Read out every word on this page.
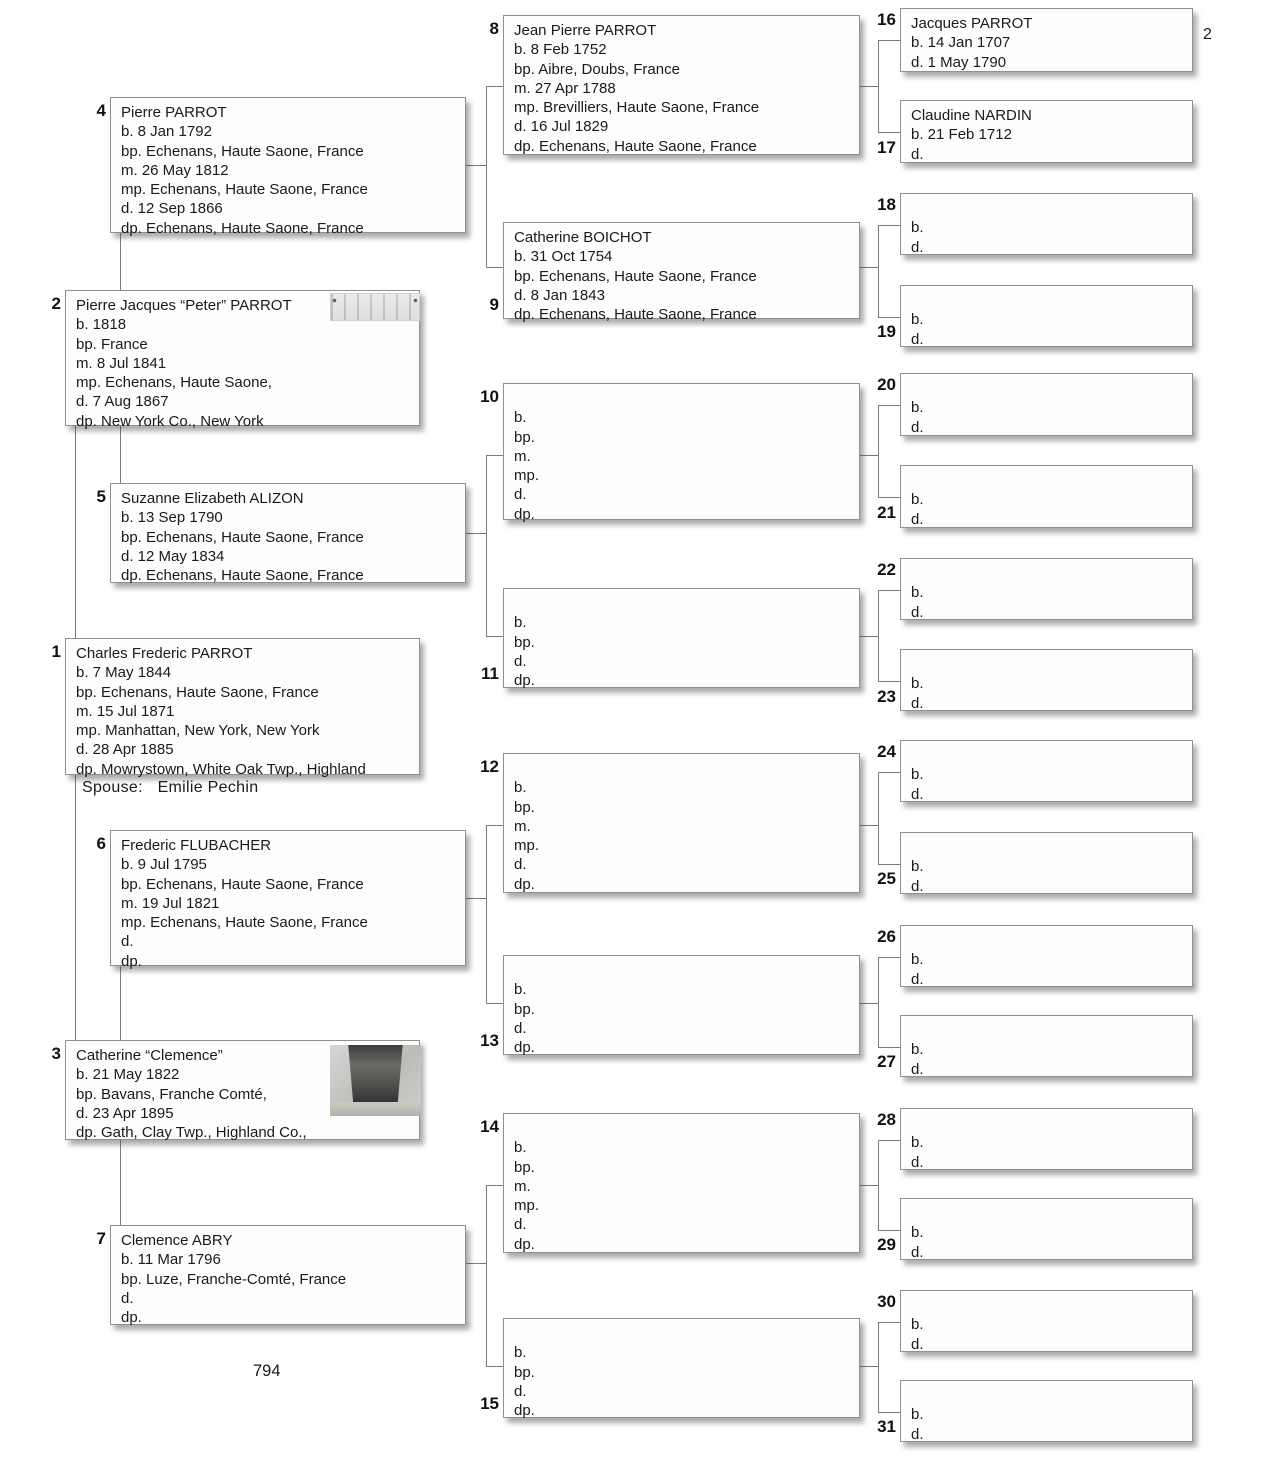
Pierre PARROT
b. 8 Jan 1792
bp. Echenans, Haute Saone, France
m. 26 May 1812
mp. Echenans, Haute Saone, France
d. 12 Sep 1866
dp. Echenans, Haute Saone, France
Pierre Jacques “Peter” PARROT
b. 1818
bp. France
m. 8 Jul 1841
mp. Echenans, Haute Saone,
d. 7 Aug 1867
dp. New York Co., New York
Suzanne Elizabeth ALIZON
b. 13 Sep 1790
bp. Echenans, Haute Saone, France
d. 12 May 1834
dp. Echenans, Haute Saone, France
Charles Frederic PARROT
b. 7 May 1844
bp. Echenans, Haute Saone, France
m. 15 Jul 1871
mp. Manhattan, New York, New York
d. 28 Apr 1885
dp. Mowrystown, White Oak Twp., Highland
Spouse: Emilie Pechin
Frederic FLUBACHER
b. 9 Jul 1795
bp. Echenans, Haute Saone, France
m. 19 Jul 1821
mp. Echenans, Haute Saone, France
d.
dp.
Catherine “Clemence”
b. 21 May 1822
bp. Bavans, Franche Comté,
d. 23 Apr 1895
dp. Gath, Clay Twp., Highland Co.,
Clemence ABRY
b. 11 Mar 1796
bp. Luze, Franche-Comté, France
d.
dp.
Jean Pierre PARROT
b. 8 Feb 1752
bp. Aibre, Doubs, France
m. 27 Apr 1788
mp. Brevilliers, Haute Saone, France
d. 16 Jul 1829
dp. Echenans, Haute Saone, France
Catherine BOICHOT
b. 31 Oct 1754
bp. Echenans, Haute Saone, France
d. 8 Jan 1843
dp. Echenans, Haute Saone, France
b.
bp.
m.
mp.
d.
dp.
b.
bp.
d.
dp.
b.
bp.
m.
mp.
d.
dp.
b.
bp.
d.
dp.
b.
bp.
m.
mp.
d.
dp.
b.
bp.
d.
dp.
Jacques PARROT
b. 14 Jan 1707
d. 1 May 1790
Claudine NARDIN
b. 21 Feb 1712
d.
b.
d.
b.
d.
b.
d.
b.
d.
b.
d.
b.
d.
b.
d.
b.
d.
b.
d.
b.
d.
b.
d.
b.
d.
b.
d.
b.
d.
1
2
3
4
5
6
7
8
9
10
11
12
13
14
15
16
17
18
19
20
21
22
23
24
25
26
27
28
29
30
31
2
794
